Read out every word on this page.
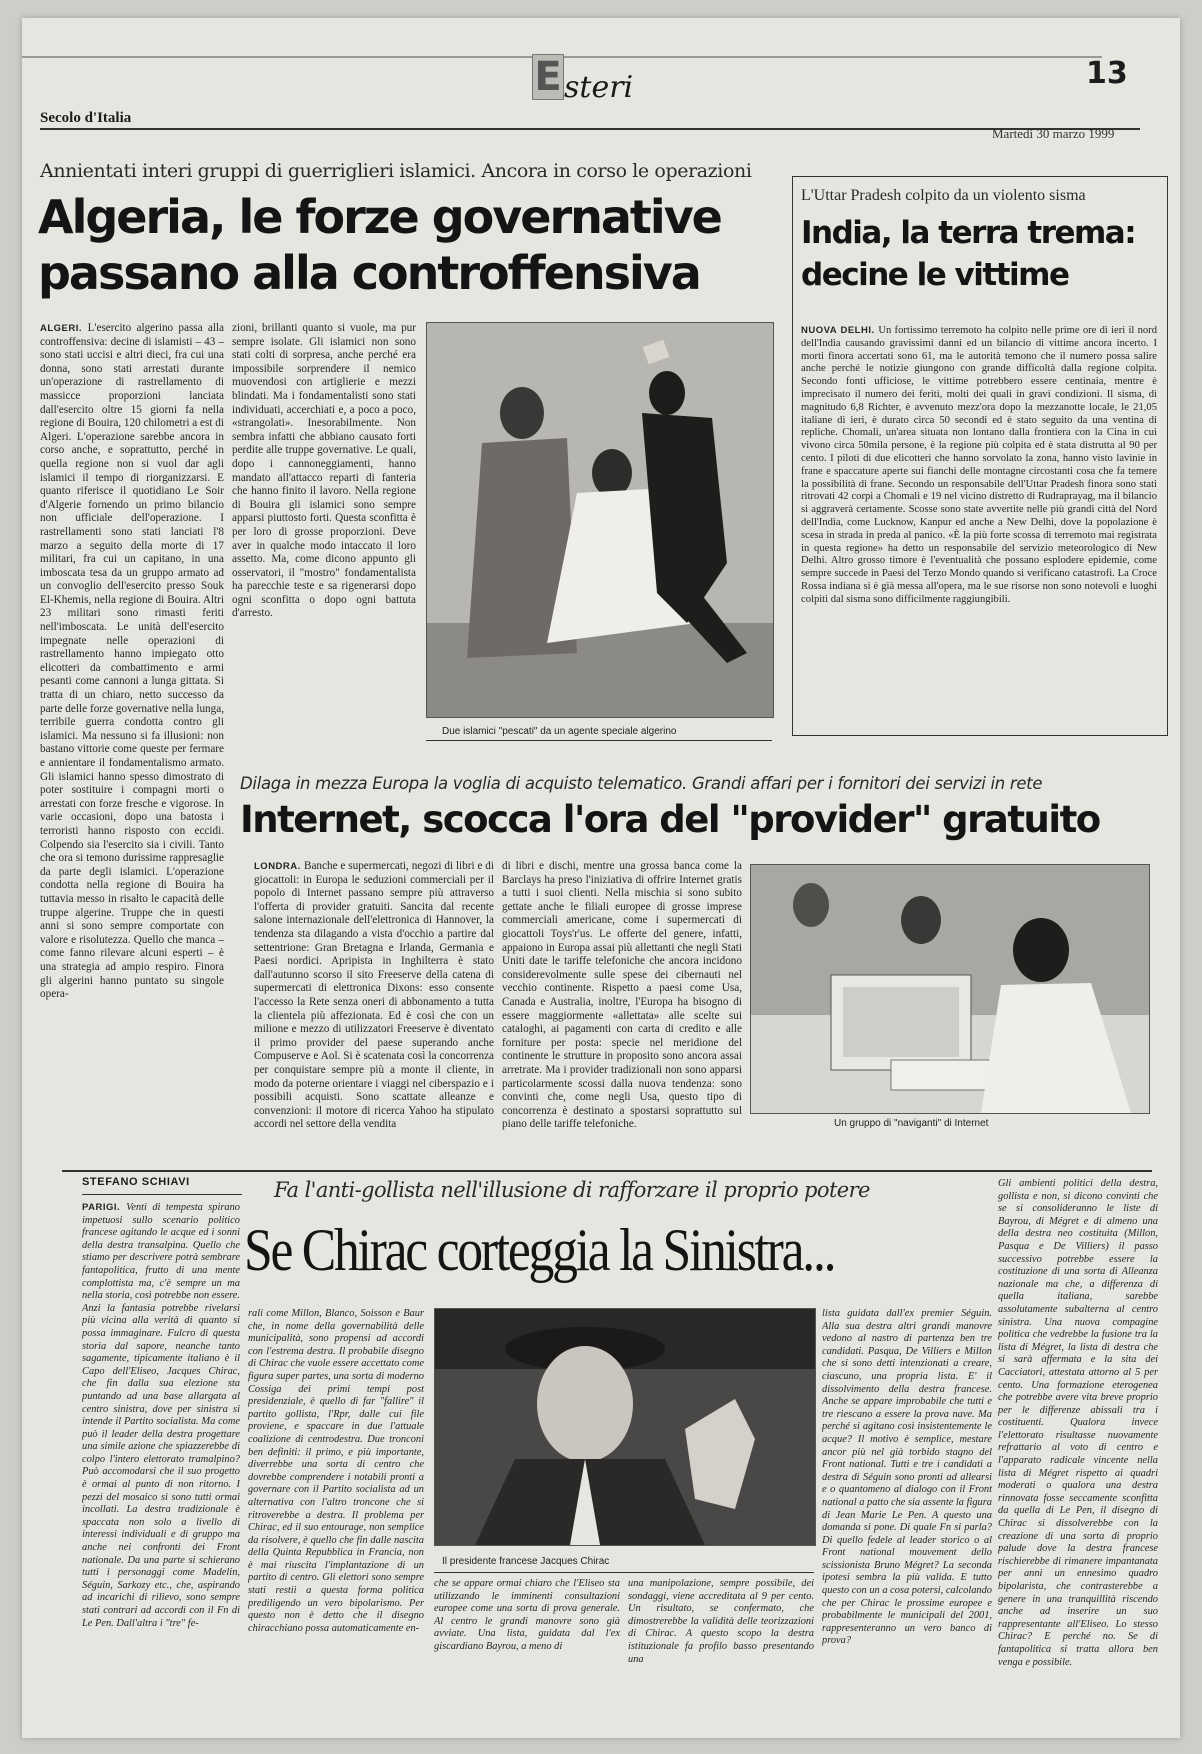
E steri	13
Secolo d'Italia
Martedì 30 marzo 1999

Annientati interi gruppi di guerriglieri islamici. Ancora in corso le operazioni

Algeria, le forze governative

passano alla controffensiva

ALGERI. L'esercito algerino passa alla controffensiva: decine di islamisti – 43 – sono stati uccisi e altri dieci, fra cui una donna, sono stati arrestati durante un'operazione di rastrellamento di massicce proporzioni lanciata dall'esercito oltre 15 giorni fa nella regione di Bouira, 120 chilometri a est di Algeri. L'operazione sarebbe ancora in corso anche, e soprattutto, perché in quella regione non si vuol dar agli islamici il tempo di riorganizzarsi. E quanto riferisce il quotidiano Le Soir d'Algerie fornendo un primo bilancio non ufficiale dell'operazione. I rastrellamenti sono stati lanciati l'8 marzo a seguito della morte di 17 militari, fra cui un capitano, in una imboscata tesa da un gruppo armato ad un convoglio dell'esercito presso Souk El-Khemis, nella regione di Bouira. Altri 23 militari sono rimasti feriti nell'imboscata. Le unità dell'esercito impegnate nelle operazioni di rastrellamento hanno impiegato otto elicotteri da combattimento e armi pesanti come cannoni a lunga gittata. Si tratta di un chiaro, netto successo da parte delle forze governative nella lunga, terribile guerra condotta contro gli islamici. Ma nessuno si fa illusioni: non bastano vittorie come queste per fermare e annientare il fondamentalismo armato. Gli islamici hanno spesso dimostrato di poter sostituire i compagni morti o arrestati con forze fresche e vigorose. In varie occasioni, dopo una batosta i terroristi hanno risposto con eccidi. Colpendo sia l'esercito sia i civili. Tanto che ora si temono durissime rappresaglie da parte degli islamici. L'operazione condotta nella regione di Bouira ha tuttavia messo in risalto le capacità delle truppe algerine. Truppe che in questi anni si sono sempre comportate con valore e risolutezza. Quello che manca – come fanno rilevare alcuni esperti – è una strategia ad ampio respiro. Finora gli algerini hanno puntato su singole opera-
zioni, brillanti quanto si vuole, ma pur sempre isolate. Gli islamici non sono stati colti di sorpresa, anche perché era impossibile sorprendere il nemico muovendosi con artiglierie e mezzi blindati. Ma i fondamentalisti sono stati individuati, accerchiati e, a poco a poco, «strangolati». Inesorabilmente. Non sembra infatti che abbiano causato forti perdite alle truppe governative. Le quali, dopo i cannoneggiamenti, hanno mandato all'attacco reparti di fanteria che hanno finito il lavoro. Nella regione di Bouira gli islamici sono sempre apparsi piuttosto forti. Questa sconfitta è per loro di grosse proporzioni. Deve aver in qualche modo intaccato il loro assetto. Ma, come dicono appunto gli osservatori, il "mostro" fondamentalista ha parecchie teste e sa rigenerarsi dopo ogni sconfitta o dopo ogni battuta d'arresto.

Due islamici "pescati" da un agente speciale algerino

L'Uttar Pradesh colpito da un violento sisma

India, la terra trema:

decine le vittime

NUOVA DELHI. Un fortissimo terremoto ha colpito nelle prime ore di ieri il nord dell'India causando gravissimi danni ed un bilancio di vittime ancora incerto. I morti finora accertati sono 61, ma le autorità temono che il numero possa salire anche perché le notizie giungono con grande difficoltà dalla regione colpita. Secondo fonti ufficiose, le vittime potrebbero essere centinaia, mentre è imprecisato il numero dei feriti, molti dei quali in gravi condizioni. Il sisma, di magnitudo 6,8 Richter, è avvenuto mezz'ora dopo la mezzanotte locale, le 21,05 italiane di ieri, è durato circa 50 secondi ed è stato seguito da una ventina di repliche. Chomali, un'area situata non lontano dalla frontiera con la Cina in cui vivono circa 50mila persone, è la regione più colpita ed è stata distrutta al 90 per cento. I piloti di due elicotteri che hanno sorvolato la zona, hanno visto lavinie in frane e spaccature aperte sui fianchi delle montagne circostanti cosa che fa temere la possibilità di frane. Secondo un responsabile dell'Uttar Pradesh finora sono stati ritrovati 42 corpi a Chomali e 19 nel vicino distretto di Rudraprayag, ma il bilancio si aggraverà certamente. Scosse sono state avvertite nelle più grandi città del Nord dell'India, come Lucknow, Kanpur ed anche a New Delhi, dove la popolazione è scesa in strada in preda al panico. «È la più forte scossa di terremoto mai registrata in questa regione» ha detto un responsabile del servizio meteorologico di New Delhi. Altro grosso timore è l'eventualità che possano esplodere epidemie, come sempre succede in Paesi del Terzo Mondo quando si verificano catastrofi. La Croce Rossa indiana si è già messa all'opera, ma le sue risorse non sono notevoli e luoghi colpiti dal sisma sono difficilmente raggiungibili.

Dilaga in mezza Europa la voglia di acquisto telematico. Grandi affari per i fornitori dei servizi in rete

Internet, scocca l'ora del "provider" gratuito

LONDRA. Banche e supermercati, negozi di libri e di giocattoli: in Europa le seduzioni commerciali per il popolo di Internet passano sempre più attraverso l'offerta di provider gratuiti. Sancita dal recente salone internazionale dell'elettronica di Hannover, la tendenza sta dilagando a vista d'occhio a partire dal settentrione: Gran Bretagna e Irlanda, Germania e Paesi nordici. Apripista in Inghilterra è stato dall'autunno scorso il sito Freeserve della catena di supermercati di elettronica Dixons: esso consente l'accesso la Rete senza oneri di abbonamento a tutta la clientela più affezionata. Ed è così che con un milione e mezzo di utilizzatori Freeserve è diventato il primo provider del paese superando anche Compuserve e Aol. Si è scatenata così la concorrenza per conquistare sempre più a monte il cliente, in modo da poterne orientare i viaggi nel ciberspazio e i possibili acquisti. Sono scattate alleanze e convenzioni: il motore di ricerca Yahoo ha stipulato accordi nel settore della vendita
di libri e dischi, mentre una grossa banca come la Barclays ha preso l'iniziativa di offrire Internet gratis a tutti i suoi clienti. Nella mischia si sono subito gettate anche le filiali europee di grosse imprese commerciali americane, come i supermercati di giocattoli Toys'r'us. Le offerte del genere, infatti, appaiono in Europa assai più allettanti che negli Stati Uniti date le tariffe telefoniche che ancora incidono considerevolmente sulle spese dei cibernauti nel vecchio continente. Rispetto a paesi come Usa, Canada e Australia, inoltre, l'Europa ha bisogno di essere maggiormente «allettata» alle scelte sui cataloghi, ai pagamenti con carta di credito e alle forniture per posta: specie nel meridione del continente le strutture in proposito sono ancora assai arretrate. Ma i provider tradizionali non sono apparsi particolarmente scossi dalla nuova tendenza: sono convinti che, come negli Usa, questo tipo di concorrenza è destinato a spostarsi soprattutto sul piano delle tariffe telefoniche.	Un gruppo di "naviganti" di Internet

STEFANO SCHIAVI	Fa l'anti-gollista nell'illusione di rafforzare il proprio potere

Se Chirac corteggia la Sinistra...

PARIGI. Venti di tempesta spirano impetuosi sullo scenario politico francese agitando le acque ed i sonni della destra transalpina. Quello che stiamo per descrivere potrà sembrare fantapolitica, frutto di una mente complottista ma, c'è sempre un ma nella storia, così potrebbe non essere. Anzi la fantasia potrebbe rivelarsi più vicina alla verità di quanto si possa immaginare. Fulcro di questa storia dal sapore, neanche tanto sagamente, tipicamente italiano è il Capo dell'Eliseo, Jacques Chirac, che fin dalla sua elezione sta puntando ad una base allargata al centro sinistra, dove per sinistra si intende il Partito socialista. Ma come può il leader della destra progettare una simile azione che spiazzerebbe di colpo l'intero elettorato tramalpino? Può accomodarsi che il suo progetto è ormai al punto di non ritorno. I pezzi del mosaico si sono tutti ormai incollati. La destra tradizionale è spaccata non solo a livello di interessi individuali e di gruppo ma anche nei confronti dei Front nationale. Da una parte si schierano tutti i personaggi come Madelin, Séguin, Sarkozy etc., che, aspirando ad incarichi di rilievo, sono sempre stati contrari ad accordi con il Fn di Le Pen. Dall'altra i "tre" fe-
rali come Millon, Blanco, Soisson e Baur che, in nome della governabilità delle municipalità, sono propensi ad accordi con l'estrema destra. Il probabile disegno di Chirac che vuole essere accettato come figura super partes, una sorta di moderno Cossiga dei primi tempi post presidenziale, è quello di far "fallire" il partito gollista, l'Rpr, dalle cui file proviene, e spaccare in due l'attuale coalizione di centrodestra. Due tronconi ben definiti: il primo, e più importante, diverrebbe una sorta di centro che dovrebbe comprendere i notabili pronti a governare con il Partito socialista ad un alternativa con l'altro troncone che si ritroverebbe a destra. Il problema per Chirac, ed il suo entourage, non semplice da risolvere, è quello che fin dalle nascita della Quinta Repubblica in Francia, non è mai riuscita l'implantazione di un partito di centro. Gli elettori sono sempre stati restii a questa forma politica prediligendo un vero bipolarismo. Per questo non è detto che il disegno chiracchiano possa automaticamente en-

Il presidente francese Jacques Chirac

che se appare ormai chiaro che l'Eliseo sta utilizzando le imminenti consultazioni europee come una sorta di prova generale. Al centro le grandi manovre sono già avviate. Una lista, guidata dal l'ex giscardiano Bayrou, a meno di
una manipolazione, sempre possibile, dei sondaggi, viene accreditata al 9 per cento. Un risultato, se confermato, che dimostrerebbe la validità delle teorizzazioni di Chirac. A questo scopo la destra istituzionale fa profilo basso presentando una
lista guidata dall'ex premier Séguin. Alla sua destra altri grandi manovre vedono al nastro di partenza ben tre candidati. Pasqua, De Villiers e Millon che si sono detti intenzionati a creare, ciascuno, una propria lista. E' il dissolvimento della destra francese. Anche se appare improbabile che tutti e tre riescano a essere la prova nave. Ma perché si agitano così insistentemente le acque? Il motivo è semplice, mestare ancor più nel già torbido stagno del Front national. Tutti e tre i candidati a destra di Séguin sono pronti ad allearsi e o quantomeno al dialogo con il Front national a patto che sia assente la figura di Jean Marie Le Pen. A questo una domanda si pone. Di quale Fn si parla? Di quello fedele al leader storico o al Front national mouvement dello scissionista Bruno Mégret? La seconda ipotesi sembra la più valida. E tutto questo con un a cosa potersi, calcolando che per Chirac le prossime europee e probabilmente le municipali del 2001, rappresenteranno un vero banco di prova?
Gli ambienti politici della destra, gollista e non, si dicono convinti che se si consolideranno le liste di Bayrou, di Mégret e di almeno una della destra neo costituita (Millon, Pasqua e De Villiers) il passo successivo potrebbe essere la costituzione di una sorta di Alleanza nazionale ma che, a differenza di quella italiana, sarebbe assolutamente subalterna al centro sinistra. Una nuova compagine politica che vedrebbe la fusione tra la lista di Mégret, la lista di destra che si sarà affermata e la sita dei Cacciatori, attestata attorno al 5 per cento. Una formazione eterogenea che potrebbe avere vita breve proprio per le differenze abissali tra i costituenti. Qualora invece l'elettorato risultasse nuovamente refrattario al voto di centro e l'apparato radicale vincente nella lista di Mégret rispetto ai quadri moderati o qualora una destra rinnovata fosse seccamente sconfitta da quella di Le Pen, il disegno di Chirac si dissolverebbe con la creazione di una sorta di proprio palude dove la destra francese rischierebbe di rimanere impantanata per anni un ennesimo quadro bipolarista, che contrasterebbe a genere in una tranquillità riscendo anche ad inserire un suo rappresentante all'Eliseo. Lo stesso Chirac? E perché no. Se di fantapolitica si tratta allora ben venga e possibile.
